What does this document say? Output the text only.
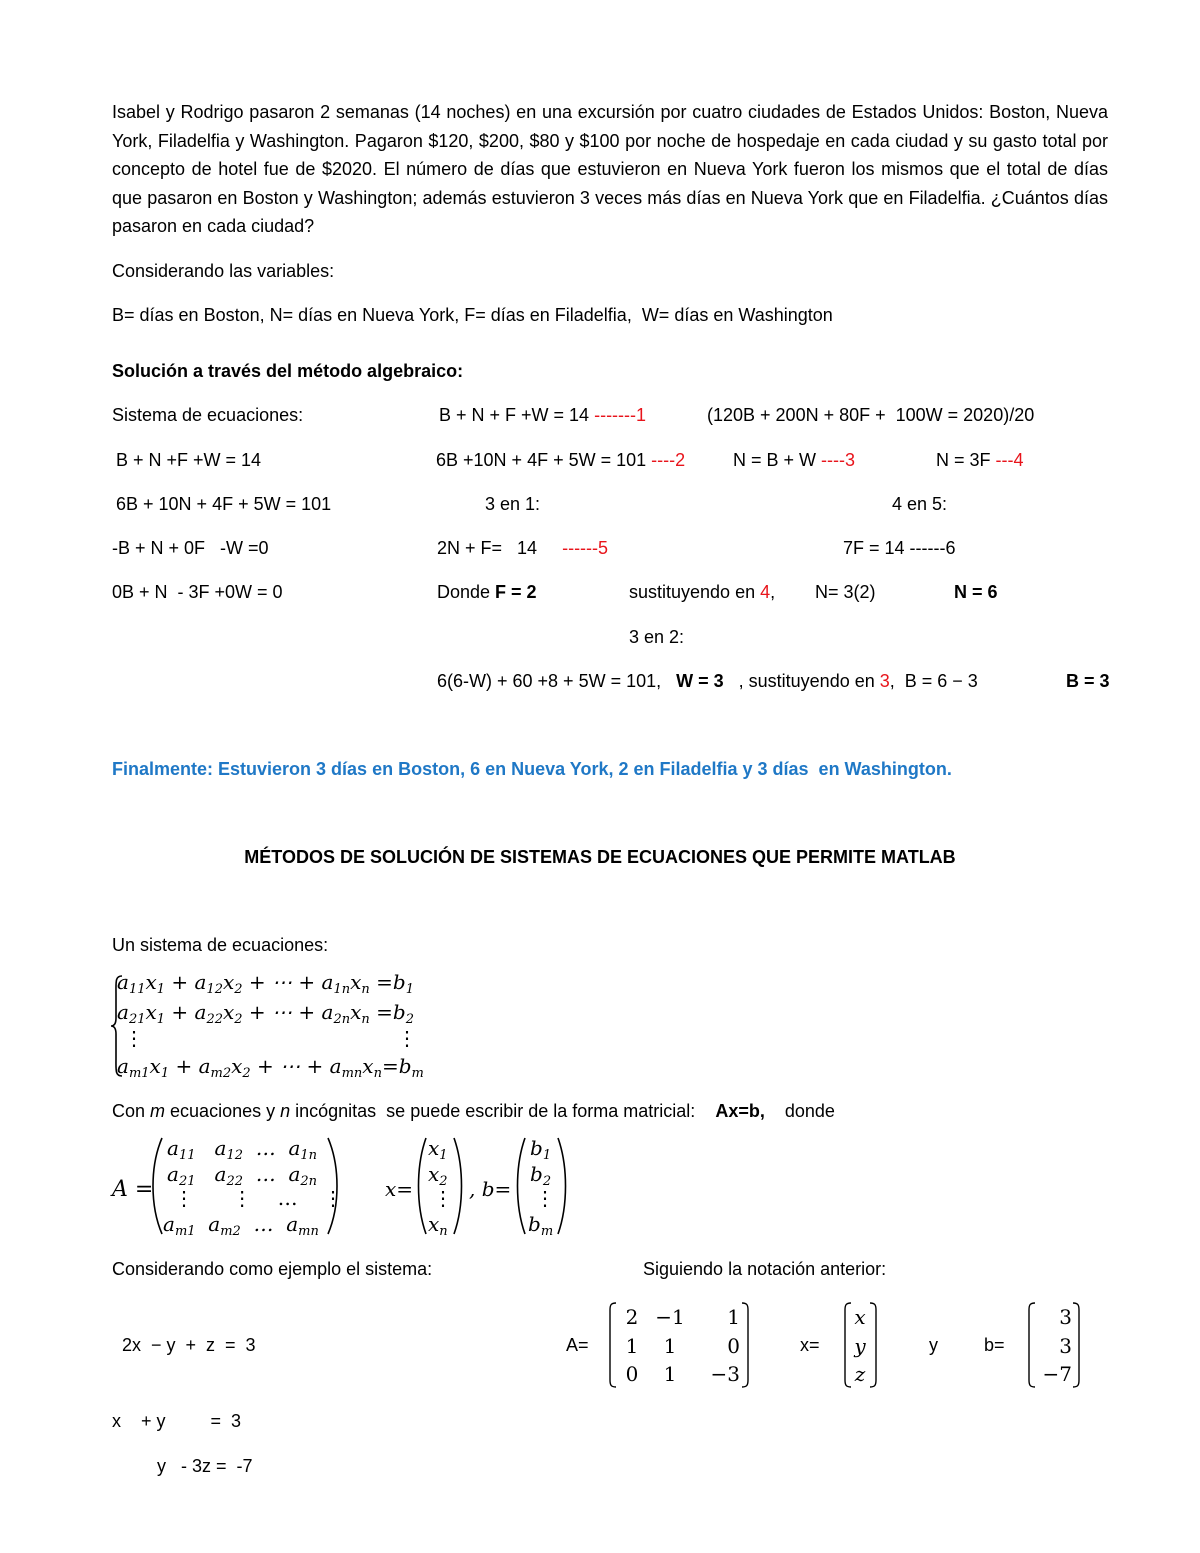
Isabel y Rodrigo pasaron 2 semanas (14 noches) en una excursión por cuatro ciudades de Estados Unidos: Boston, Nueva York, Filadelfia y Washington. Pagaron $120, $200, $80 y $100 por noche de hospedaje en cada ciudad y su gasto total por concepto de hotel fue de $2020. El número de días que estuvieron en Nueva York fueron los mismos que el total de días que pasaron en Boston y Washington; además estuvieron 3 veces más días en Nueva York que en Filadelfia. ¿Cuántos días pasaron en cada ciudad?
Considerando las variables:
B= días en Boston, N= días en Nueva York, F= días en Filadelfia,  W= días en Washington
Solución a través del método algebraico:
Sistema de ecuaciones:
B + N +F +W = 14
6B + 10N + 4F + 5W = 101
-B + N + 0F   -W =0
0B + N  - 3F +0W = 0
B + N + F +W = 14 -------1	(120B + 200N + 80F +  100W = 2020)/20
6B +10N + 4F + 5W = 101 ----2	N = B + W ----3	N = 3F ---4
3 en 1:	4 en 5:
2N + F=   14     ------5	7F = 14 ------6
Donde F = 2	sustituyendo en 4, N= 3(2)	N = 6
3 en 2:
6(6-W) + 60 +8 + 5W = 101,   W = 3   , sustituyendo en 3,  B = 6 − 3	B = 3
Finalmente: Estuvieron 3 días en Boston, 6 en Nueva York, 2 en Filadelfia y 3 días  en Washington.
MÉTODOS DE SOLUCIÓN DE SISTEMAS DE ECUACIONES QUE PERMITE MATLAB
Un sistema de ecuaciones:
$a_{11}x_1 + a_{12}x_2$ + ⋯ + $a_{1n}x_n =b_1$
$a_{21}x_1 + a_{22}x_2$ + ⋯ + $a_{2n}x_n =b_2$
⋮	⋮
$a_{m1}x_1 + a_{m2}x_2$ + ⋯ + $a_{mn}x_n=b_m$
Con m ecuaciones y n incógnitas  se puede escribir de la forma matricial:    Ax=b,    donde
A =
$a_{11}$   $a_{12}$ …  $a_{1n}$
$a_{21}$   $a_{22}$ …  $a_{2n}$
⋮      ⋮    …    ⋮
$a_{m1}$  $a_{m2}$ …  $a_{mn}$
x=
$x_1$
$x_2$
⋮
$x_n$
, b=
$b_1$
$b_2$
⋮
$b_m$
Considerando como ejemplo el sistema:	Siguiendo la notación anterior:
2x  − y  +  z  =  3
x    + y         =  3
y   - 3z =  -7
A=
2 −1	1
1	1	0
0	1	−3
x=
x
y
z
y	b=
3
3
−7
